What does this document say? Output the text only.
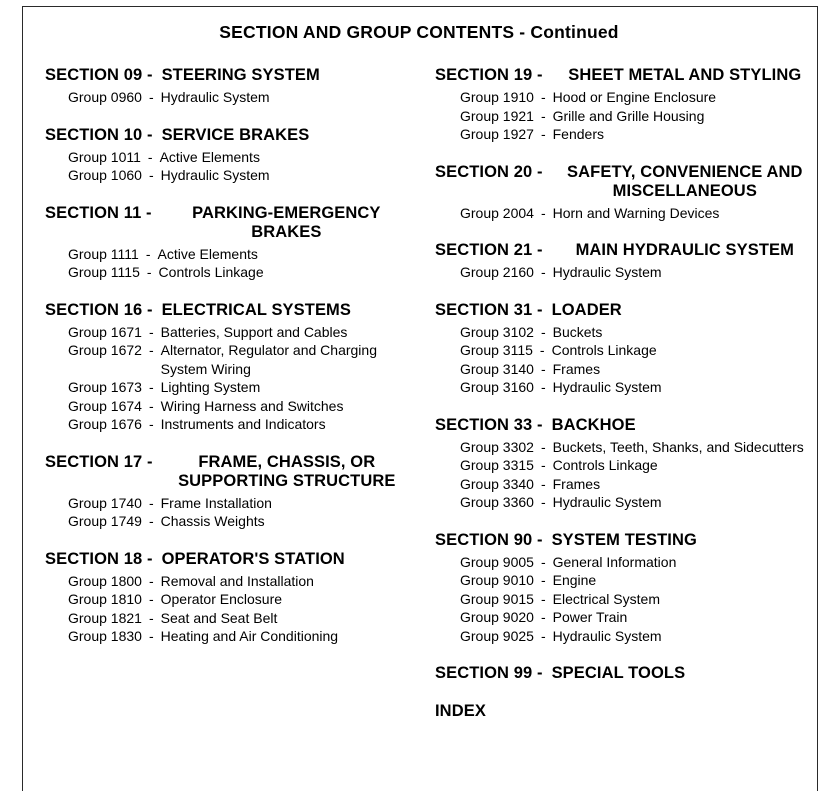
SECTION AND GROUP CONTENTS - Continued
SECTION 09 - STEERING SYSTEM
Group 0960 - Hydraulic System
SECTION 10 - SERVICE BRAKES
Group 1011 - Active Elements
Group 1060 - Hydraulic System
SECTION 11 -	PARKING-EMERGENCY BRAKES
Group 1111 - Active Elements
Group 1115 - Controls Linkage
SECTION 16 - ELECTRICAL SYSTEMS
Group 1671 - Batteries, Support and Cables
Group 1672 - Alternator, Regulator and Charging System Wiring
Group 1673 - Lighting System
Group 1674 - Wiring Harness and Switches
Group 1676 - Instruments and Indicators
SECTION 17 -	FRAME, CHASSIS, OR SUPPORTING STRUCTURE
Group 1740 - Frame Installation
Group 1749 - Chassis Weights
SECTION 18 - OPERATOR'S STATION
Group 1800 - Removal and Installation
Group 1810 - Operator Enclosure
Group 1821 - Seat and Seat Belt
Group 1830 - Heating and Air Conditioning
SECTION 19 -	SHEET METAL AND STYLING
Group 1910 - Hood or Engine Enclosure
Group 1921 - Grille and Grille Housing
Group 1927 - Fenders
SECTION 20 -	SAFETY, CONVENIENCE AND MISCELLANEOUS
Group 2004 - Horn and Warning Devices
SECTION 21 -	MAIN HYDRAULIC SYSTEM
Group 2160 - Hydraulic System
SECTION 31 - LOADER
Group 3102 - Buckets
Group 3115 - Controls Linkage
Group 3140 - Frames
Group 3160 - Hydraulic System
SECTION 33 - BACKHOE
Group 3302 - Buckets, Teeth, Shanks, and Sidecutters
Group 3315 - Controls Linkage
Group 3340 - Frames
Group 3360 - Hydraulic System
SECTION 90 - SYSTEM TESTING
Group 9005 - General Information
Group 9010 - Engine
Group 9015 - Electrical System
Group 9020 - Power Train
Group 9025 - Hydraulic System
SECTION 99 - SPECIAL TOOLS
INDEX
